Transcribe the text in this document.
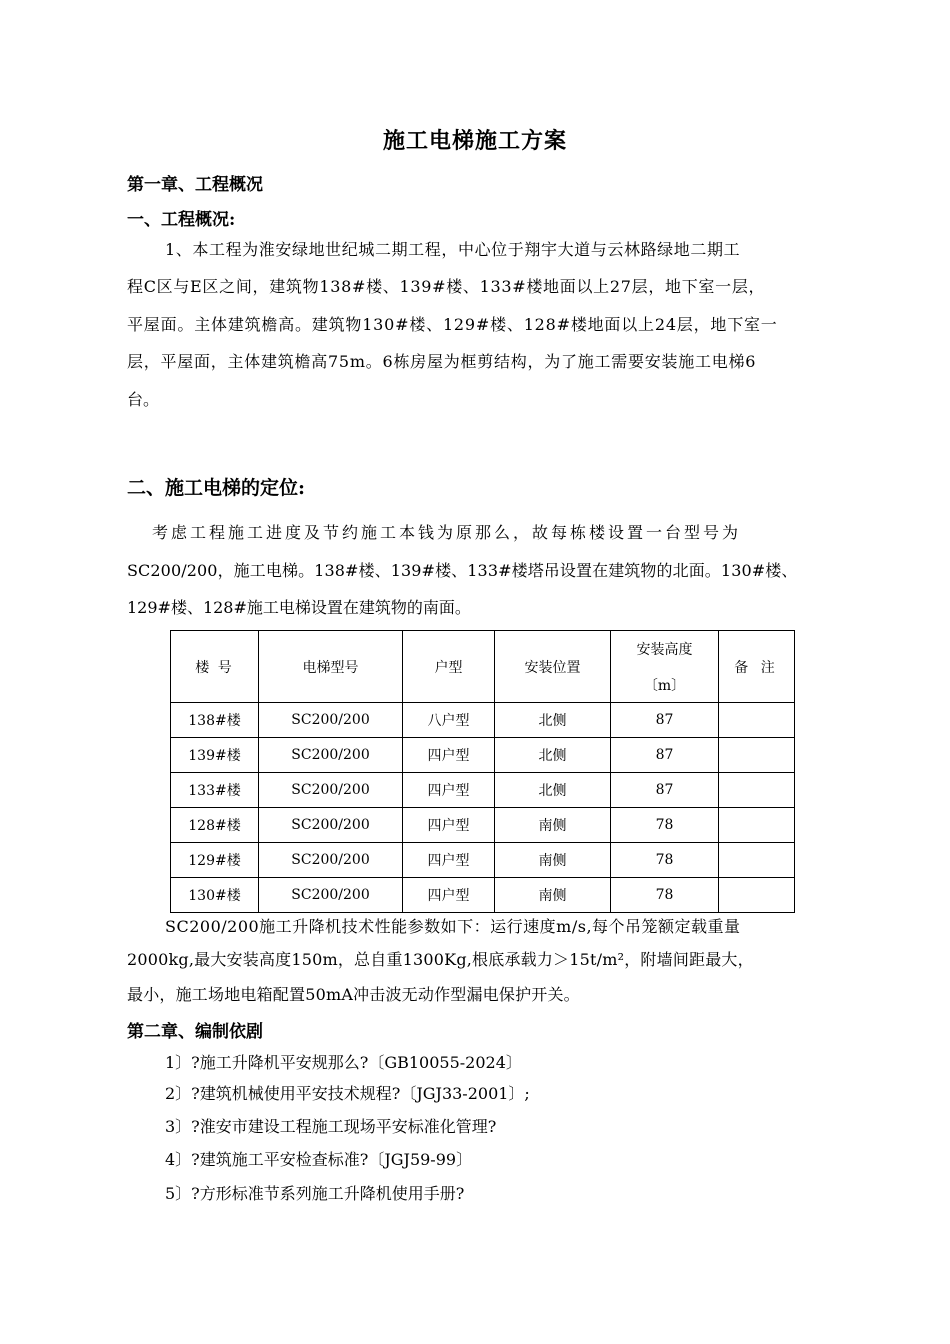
施工电梯施工方案
第一章、工程概况
一、工程概况:
1、本工程为淮安绿地世纪城二期工程，中心位于翔宇大道与云林路绿地二期工
程C区与E区之间，建筑物138#楼、139#楼、133#楼地面以上27层，地下室一层，
平屋面。主体建筑檐高。建筑物130#楼、129#楼、128#楼地面以上24层，地下室一
层，平屋面，主体建筑檐高75m。6栋房屋为框剪结构，为了施工需要安装施工电梯6
台。
二、施工电梯的定位:
考虑工程施工进度及节约施工本钱为原那么，故每栋楼设置一台型号为
SC200/200，施工电梯。138#楼、139#楼、133#楼塔吊设置在建筑物的北面。130#楼、
129#楼、128#施工电梯设置在建筑物的南面。
楼 号	电梯型号	户型	安装位置	安装高度
〔m〕	备 注
138#楼	SC200/200	八户型	北侧	87	
139#楼	SC200/200	四户型	北侧	87	
133#楼	SC200/200	四户型	北侧	87	
128#楼	SC200/200	四户型	南侧	78	
129#楼	SC200/200	四户型	南侧	78	
130#楼	SC200/200	四户型	南侧	78	
SC200/200施工升降机技术性能参数如下：运行速度m/s,每个吊笼额定载重量
2000kg,最大安装高度150m，总自重1300Kg,根底承载力＞15t/m²，附墙间距最大，
最小，施工场地电箱配置50mA冲击波无动作型漏电保护开关。
第二章、编制依剧
1〕?施工升降机平安规那么?〔GB10055-2024〕
2〕?建筑机械使用平安技术规程?〔JGJ33-2001〕;
3〕?淮安市建设工程施工现场平安标准化管理?
4〕?建筑施工平安检查标准?〔JGJ59-99〕
5〕?方形标准节系列施工升降机使用手册?
